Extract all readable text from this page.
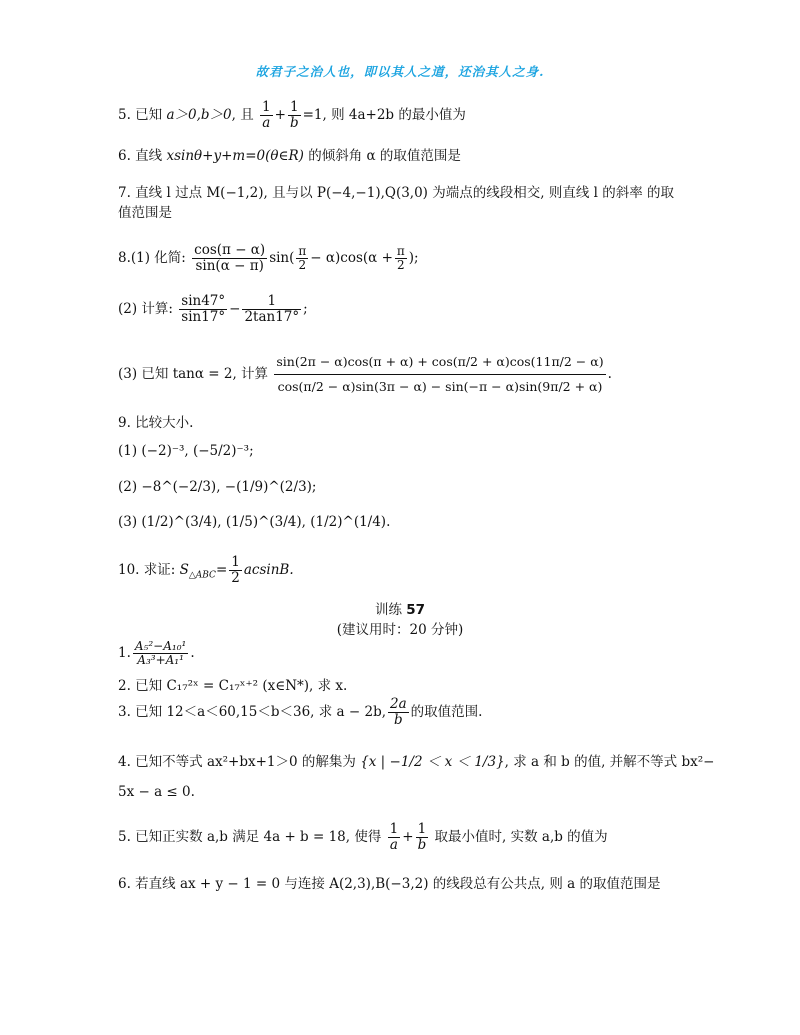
故君子之治人也，即以其人之道，还治其人之身.
5. 已知 a＞0,b＞0, 且 $\frac{1}{a} + \frac{1}{b} =1$, 则 4a+2b 的最小值为
6. 直线 xsinθ+y+m=0(θ∈R) 的倾斜角 α 的取值范围是
7. 直线 l 过点 M(−1,2), 且与以 P(−4,−1),Q(3,0) 为端点的线段相交, 则直线 l 的斜率 的取
值范围是
8.(1) 化简: $\frac{\cos(\pi - \alpha)}{\sin(\alpha - \pi)} \sin( \frac{\pi}{2} - \alpha)\cos(\alpha + \frac{\pi}{2}$ );
(2) 计算: $\frac{\sin 47^\circ}{\sin 17^\circ} - \frac{1}{2\tan 17^\circ}$ ;
(3) 已知 tanα = 2, 计算 $\frac{\sin(2\pi - \alpha)\cos(\pi + \alpha) + \cos(\pi/2 + \alpha)\cos(11\pi/2 - \alpha)}{\cos(\pi/2 - \alpha)\sin(3\pi - \alpha) - \sin(-\pi - \alpha)\sin(9\pi/2 + \alpha)}$ .
9. 比较大小.
(1) (−2)⁻³, (−5/2)⁻³;
(2) −8^(−2/3), −(1/9)^(2/3);
(3) (1/2)^(3/4), (1/5)^(3/4), (1/2)^(1/4).
10. 求证: $S_{\triangle ABC}= \frac{1}{2} acsinB$.
训练 57
(建议用时：20 分钟)
1. $\frac{\text{A₅²−A₁₀¹}}{\text{A₃³+A₁¹}}$ .
2. 已知 C₁₇²ˣ = C₁₇ˣ⁺² (x∈N*), 求 x.
3. 已知 12＜a＜60,15＜b＜36, 求 a − 2b, $\frac{2a}{b}$ 的取值范围.
4. 已知不等式 ax²+bx+1＞0 的解集为 {x | −1/2 ＜ x ＜ 1/3}, 求 a 和 b 的值, 并解不等式 bx²−
5x − a ≤ 0.
5. 已知正实数 a,b 满足 4a + b = 18, 使得 $\frac{1}{a} + \frac{1}{b}$ 取最小值时, 实数 a,b 的值为
6. 若直线 ax + y − 1 = 0 与连接 A(2,3),B(−3,2) 的线段总有公共点, 则 a 的取值范围是
